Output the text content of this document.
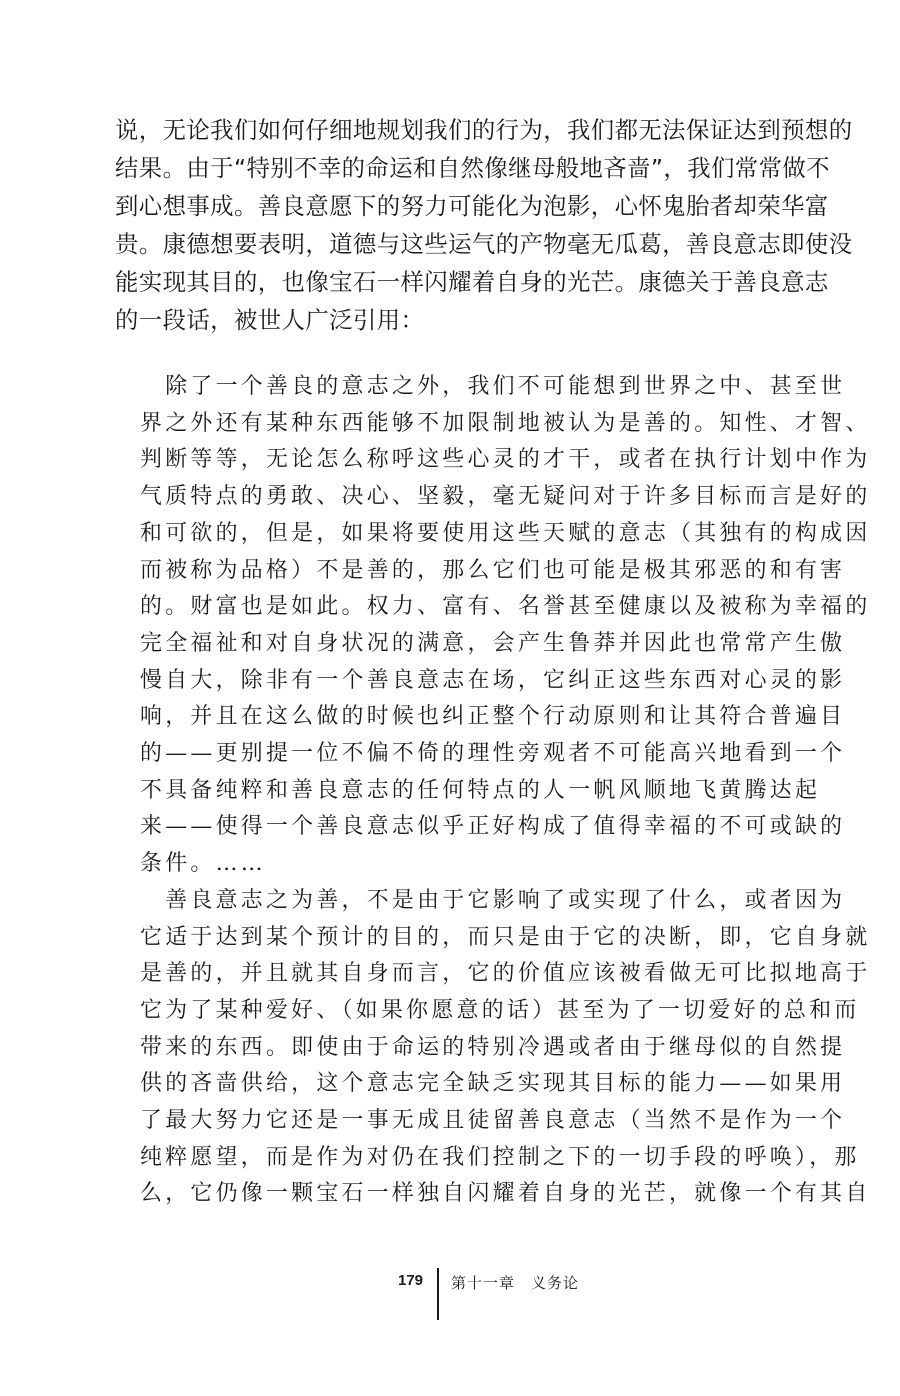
说，无论我们如何仔细地规划我们的行为，我们都无法保证达到预想的
结果。由于“特别不幸的命运和自然像继母般地吝啬”，我们常常做不
到心想事成。善良意愿下的努力可能化为泡影，心怀鬼胎者却荣华富
贵。康德想要表明，道德与这些运气的产物毫无瓜葛，善良意志即使没
能实现其目的，也像宝石一样闪耀着自身的光芒。康德关于善良意志
的一段话，被世人广泛引用：

　除了一个善良的意志之外，我们不可能想到世界之中、甚至世
界之外还有某种东西能够不加限制地被认为是善的。知性、才智、
判断等等，无论怎么称呼这些心灵的才干，或者在执行计划中作为
气质特点的勇敢、决心、坚毅，毫无疑问对于许多目标而言是好的
和可欲的，但是，如果将要使用这些天赋的意志（其独有的构成因
而被称为品格）不是善的，那么它们也可能是极其邪恶的和有害
的。财富也是如此。权力、富有、名誉甚至健康以及被称为幸福的
完全福祉和对自身状况的满意，会产生鲁莽并因此也常常产生傲
慢自大，除非有一个善良意志在场，它纠正这些东西对心灵的影
响，并且在这么做的时候也纠正整个行动原则和让其符合普遍目
的——更别提一位不偏不倚的理性旁观者不可能高兴地看到一个
不具备纯粹和善良意志的任何特点的人一帆风顺地飞黄腾达起
来——使得一个善良意志似乎正好构成了值得幸福的不可或缺的
条件。……
　善良意志之为善，不是由于它影响了或实现了什么，或者因为
它适于达到某个预计的目的，而只是由于它的决断，即，它自身就
是善的，并且就其自身而言，它的价值应该被看做无可比拟地高于
它为了某种爱好、（如果你愿意的话）甚至为了一切爱好的总和而
带来的东西。即使由于命运的特别冷遇或者由于继母似的自然提
供的吝啬供给，这个意志完全缺乏实现其目标的能力——如果用
了最大努力它还是一事无成且徒留善良意志（当然不是作为一个
纯粹愿望，而是作为对仍在我们控制之下的一切手段的呼唤），那
么，它仍像一颗宝石一样独自闪耀着自身的光芒，就像一个有其自

179 第十一章　义务论
